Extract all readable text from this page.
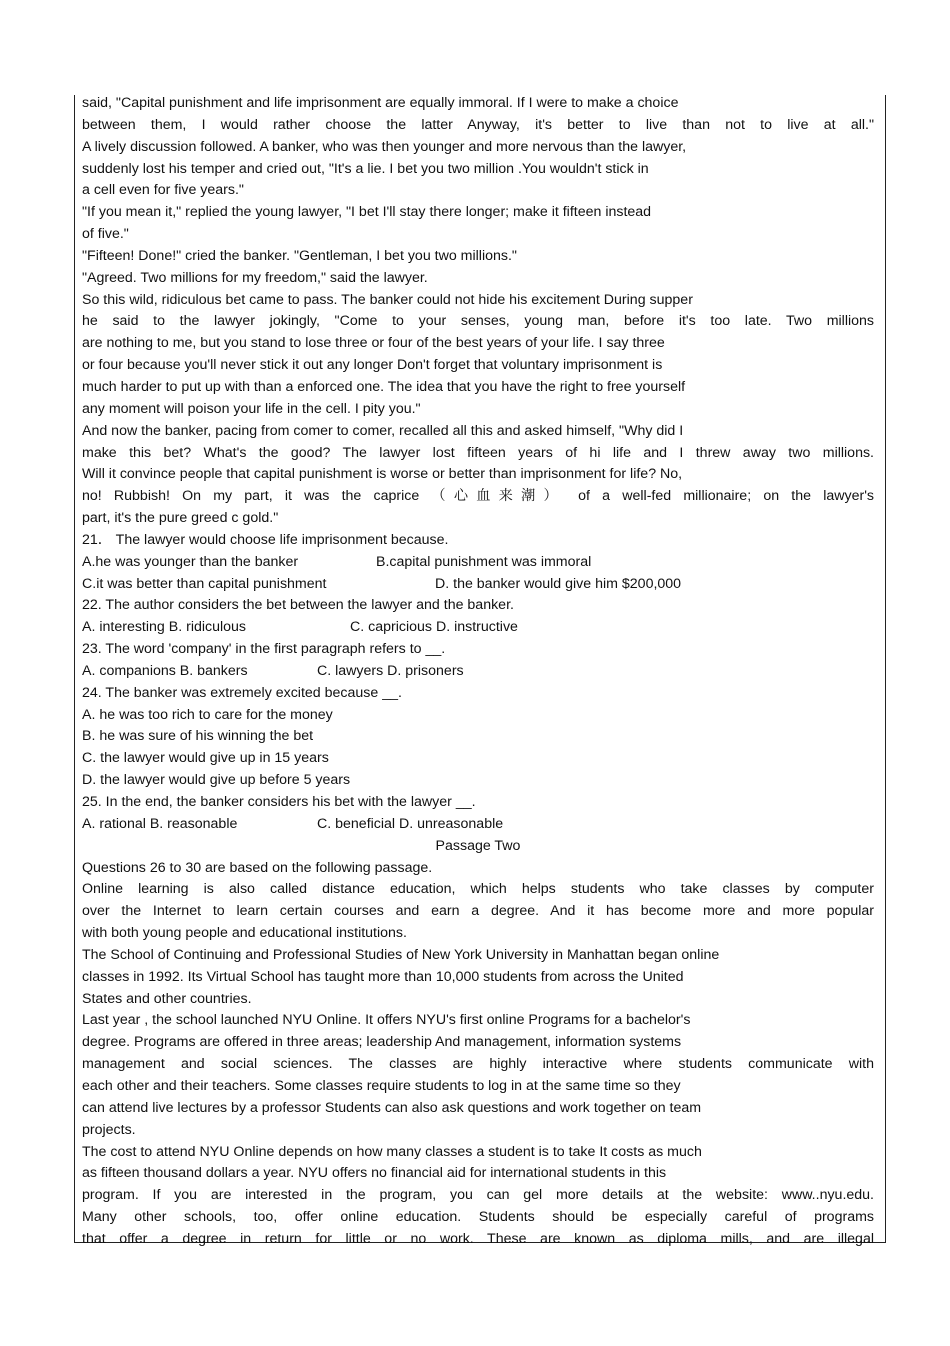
said, "Capital punishment and life imprisonment are equally immoral. If I were to make a choice
between them, I would rather choose the latter Anyway, it's better to live than not to live at all."
A lively discussion followed. A banker, who was then younger and more nervous than the lawyer,
suddenly lost his temper and cried out, "It's a lie. I bet you two million .You wouldn't stick in
a cell even for five years."
"If you mean it," replied the young lawyer, "I bet I'll stay there longer; make it fifteen instead
of five."
"Fifteen! Done!" cried the banker. "Gentleman, I bet you two millions."
"Agreed. Two millions for my freedom," said the lawyer.
So this wild, ridiculous bet came to pass. The banker could not hide his excitement During supper
he said to the lawyer jokingly, "Come to your senses, young man, before it's too late. Two millions
are nothing to me, but you stand to lose three or four of the best years of your life. I say three
or four because you'll never stick it out any longer Don't forget that voluntary imprisonment is
much harder to put up with than a enforced one. The idea that you have the right to free yourself
any moment will poison your life in the cell. I pity you."
And now the banker, pacing from comer to comer, recalled all this and asked himself, "Why did I
make this bet? What's the good? The lawyer lost fifteen years of hi life and I threw away two millions.
Will it convince people that capital punishment is worse or better than imprisonment for life? No,
no! Rubbish! On my part, it was the caprice （心血来潮） of a well-fed millionaire; on the lawyer's
part, it's the pure greed c gold."
21． The lawyer would choose life imprisonment because.
A.he was younger than the banker	B.capital punishment was immoral
C.it was better than capital punishment	D. the banker would give him $200,000
22. The author considers the bet between the lawyer and the banker.
A. interesting B. ridiculous	C. capricious D. instructive
23. The word 'company' in the first paragraph refers to __.
A. companions B. bankers	C. lawyers D. prisoners
24. The banker was extremely excited because __.
A. he was too rich to care for the money
B. he was sure of his winning the bet
C. the lawyer would give up in 15 years
D. the lawyer would give up before 5 years
25. In the end, the banker considers his bet with the lawyer __.
A. rational B. reasonable	C. beneficial D. unreasonable
Passage Two
Questions 26 to 30 are based on the following passage.
Online learning is also called distance education, which helps students who take classes by computer
over the Internet to learn certain courses and earn a degree. And it has become more and more popular
with both young people and educational institutions.
The School of Continuing and Professional Studies of New York University in Manhattan began online
classes in 1992. Its Virtual School has taught more than 10,000 students from across the United
States and other countries.
Last year , the school launched NYU Online. It offers NYU's first online Programs for a bachelor's
degree. Programs are offered in three areas; leadership And management, information systems
management and social sciences. The classes are highly interactive where students communicate with
each other and their teachers. Some classes require students to log in at the same time so they
can attend live lectures by a professor Students can also ask questions and work together on team
projects.
The cost to attend NYU Online depends on how many classes a student is to take It costs as much
as fifteen thousand dollars a year. NYU offers no financial aid for international students in this
program. If you are interested in the program, you can gel more details at the website: www..nyu.edu.
Many other schools, too, offer online education. Students should be especially careful of programs
that offer a degree in return for little or no work. These are known as diploma mills, and are illegal
